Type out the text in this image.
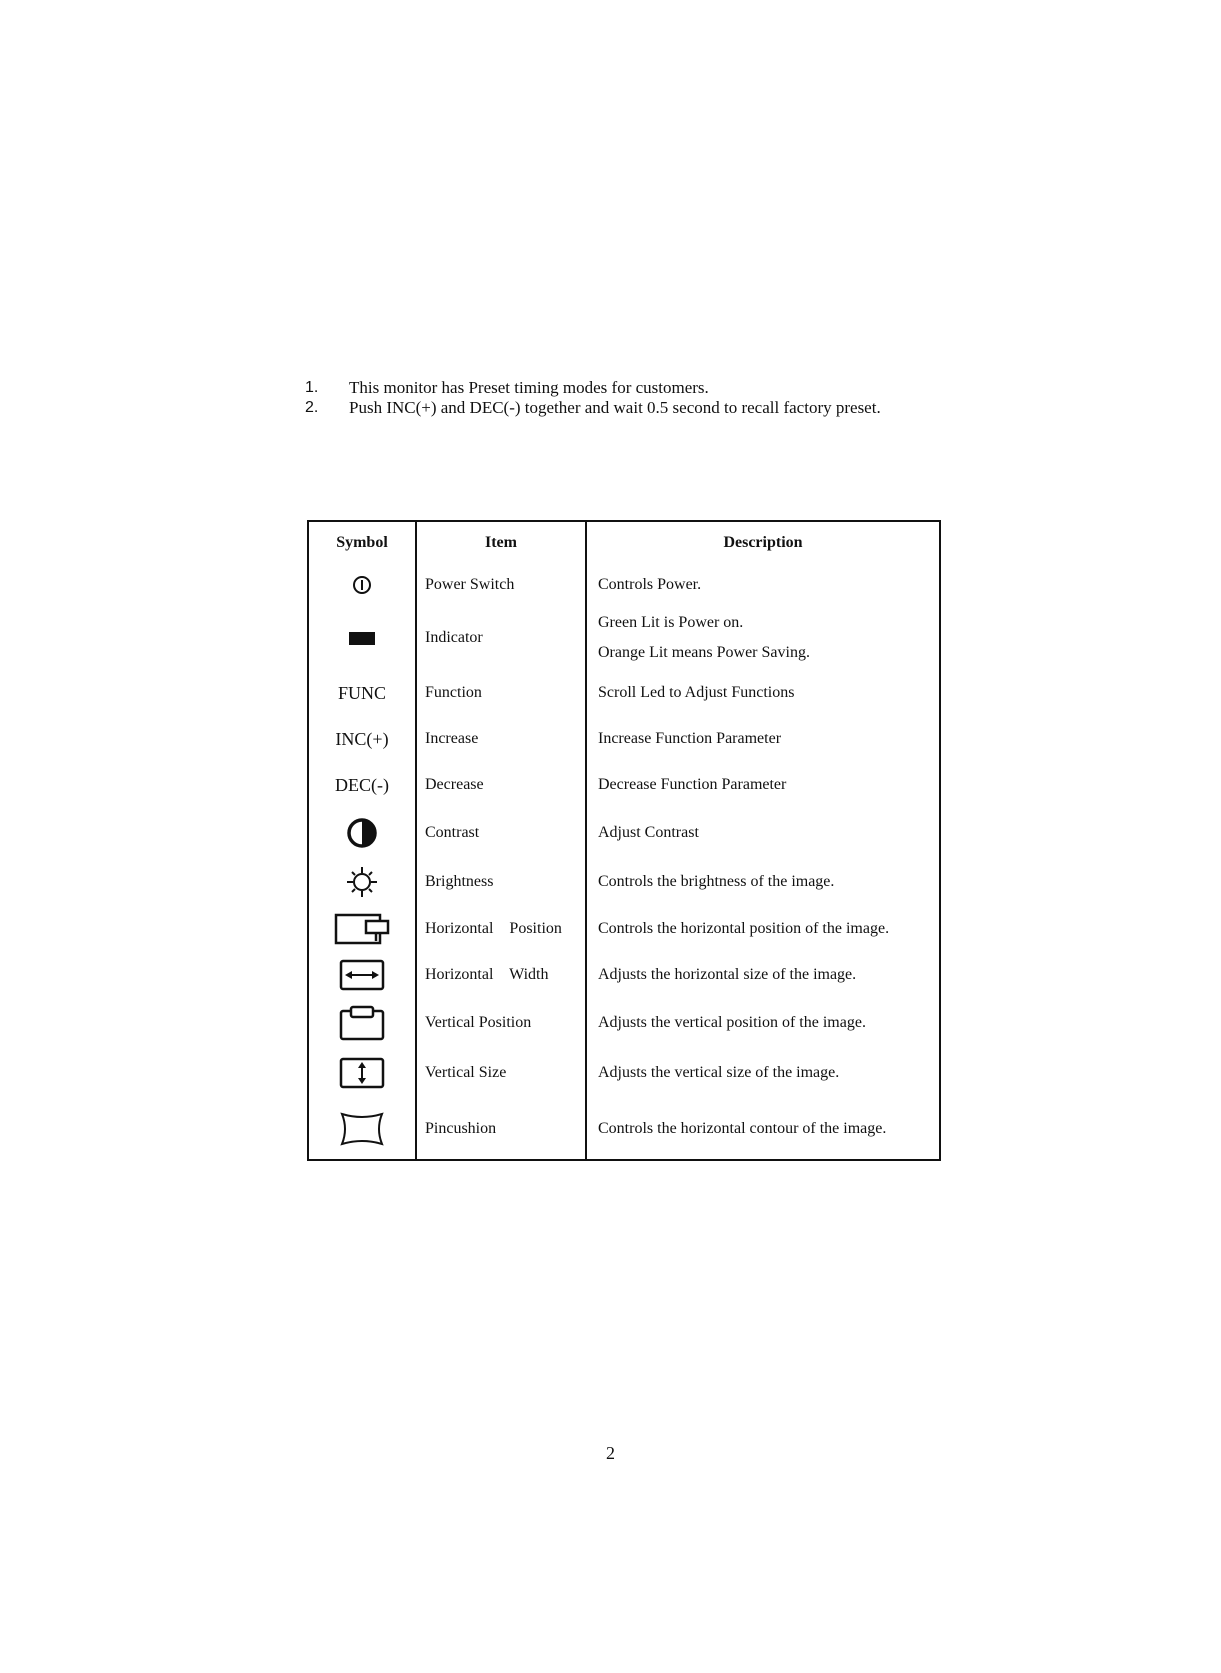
1.	This monitor has Preset timing modes for customers.
2.	Push INC(+) and DEC(-) together and wait 0.5 second to recall factory preset.
Symbol	Item	Description

	Power Switch	Controls Power.

	Indicator	Green Lit is Power on.
Orange Lit means Power Saving.
FUNC	Function	Scroll Led to Adjust Functions
INC(+)	Increase	Increase Function Parameter
DEC(-)	Decrease	Decrease Function Parameter

	Contrast	Adjust Contrast

	Brightness	Controls the brightness of the image.

	Horizontal    Position	Controls the horizontal position of the image.

	Horizontal    Width	Adjusts the horizontal size of the image.

	Vertical Position	Adjusts the vertical position of the image.

	Vertical Size	Adjusts the vertical size of the image.

	Pincushion	Controls the horizontal contour of the image.
2
